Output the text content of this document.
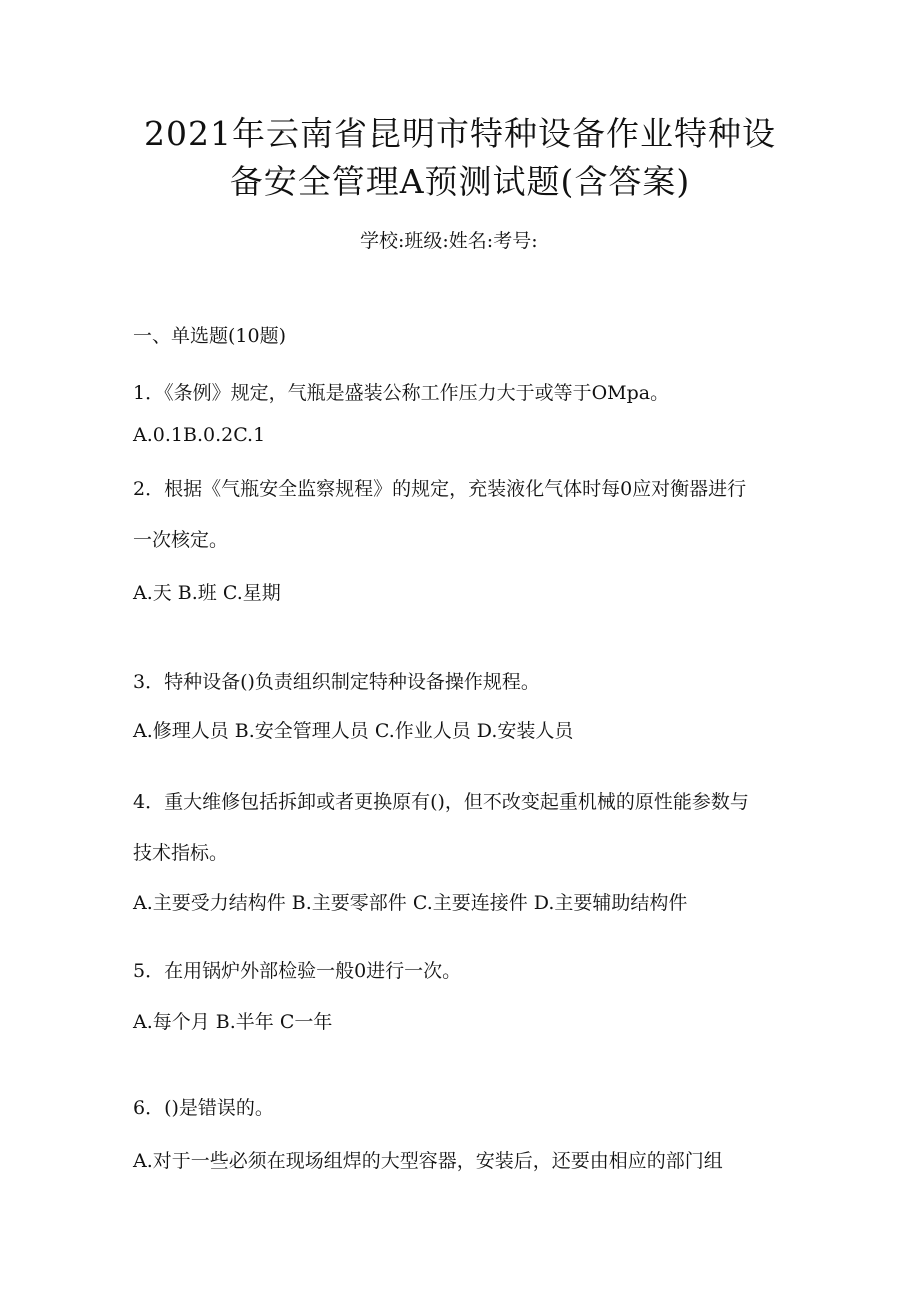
2021年云南省昆明市特种设备作业特种设
备安全管理A预测试题(含答案)
学校:班级:姓名:考号:
一、单选题(10题)
1．《条例》规定，气瓶是盛装公称工作压力大于或等于OMpa。
A.0.1B.0.2C.1
2．根据《气瓶安全监察规程》的规定，充装液化气体时每0应对衡器进行
一次核定。
A.天 B.班 C.星期
3．特种设备()负责组织制定特种设备操作规程。
A.修理人员 B.安全管理人员 C.作业人员 D.安装人员
4．重大维修包括拆卸或者更换原有()，但不改变起重机械的原性能参数与
技术指标。
A.主要受力结构件 B.主要零部件 C.主要连接件 D.主要辅助结构件
5．在用锅炉外部检验一般0进行一次。
A.每个月 B.半年 C一年
6．()是错误的。
A.对于一些必须在现场组焊的大型容器，安装后，还要由相应的部门组
